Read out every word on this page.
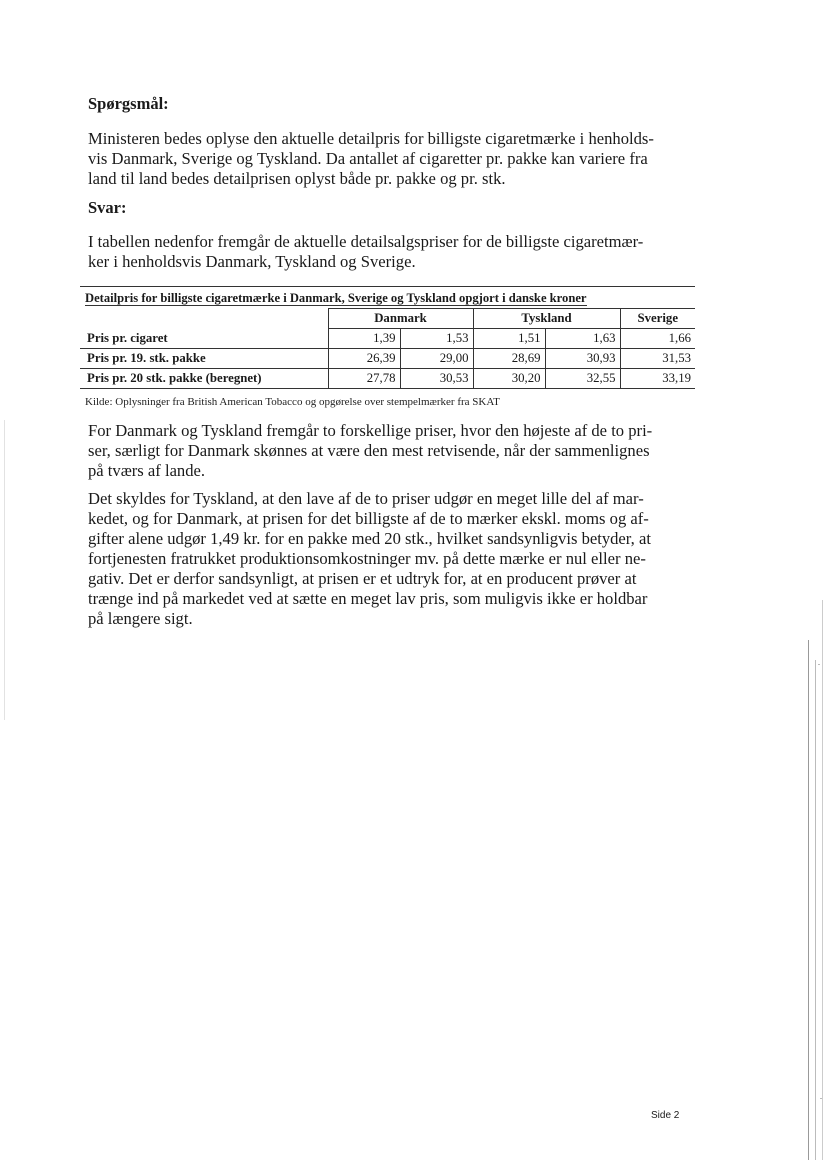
Spørgsmål:
Ministeren bedes oplyse den aktuelle detailpris for billigste cigaretmærke i henholds-
vis Danmark, Sverige og Tyskland. Da antallet af cigaretter pr. pakke kan variere fra
land til land bedes detailprisen oplyst både pr. pakke og pr. stk.
Svar:
I tabellen nedenfor fremgår de aktuelle detailsalgspriser for de billigste cigaretmær-
ker i henholdsvis Danmark, Tyskland og Sverige.
Detailpris for billigste cigaretmærke i Danmark, Sverige og Tyskland opgjort i danske kroner
	Danmark		Tyskland		Sverige
Pris pr. cigaret	1,39	1,53	1,51	1,63	1,66
Pris pr. 19. stk. pakke	26,39	29,00	28,69	30,93	31,53
Pris pr. 20 stk. pakke (beregnet)	27,78	30,53	30,20	32,55	33,19
Kilde: Oplysninger fra British American Tobacco og opgørelse over stempelmærker fra SKAT
For Danmark og Tyskland fremgår to forskellige priser, hvor den højeste af de to pri-
ser, særligt for Danmark skønnes at være den mest retvisende, når der sammenlignes
på tværs af lande.
Det skyldes for Tyskland, at den lave af de to priser udgør en meget lille del af mar-
kedet, og for Danmark, at prisen for det billigste af de to mærker ekskl. moms og af-
gifter alene udgør 1,49 kr. for en pakke med 20 stk., hvilket sandsynligvis betyder, at
fortjenesten fratrukket produktionsomkostninger mv. på dette mærke er nul eller ne-
gativ. Det er derfor sandsynligt, at prisen er et udtryk for, at en producent prøver at
trænge ind på markedet ved at sætte en meget lav pris, som muligvis ikke er holdbar
på længere sigt.
Side 2
